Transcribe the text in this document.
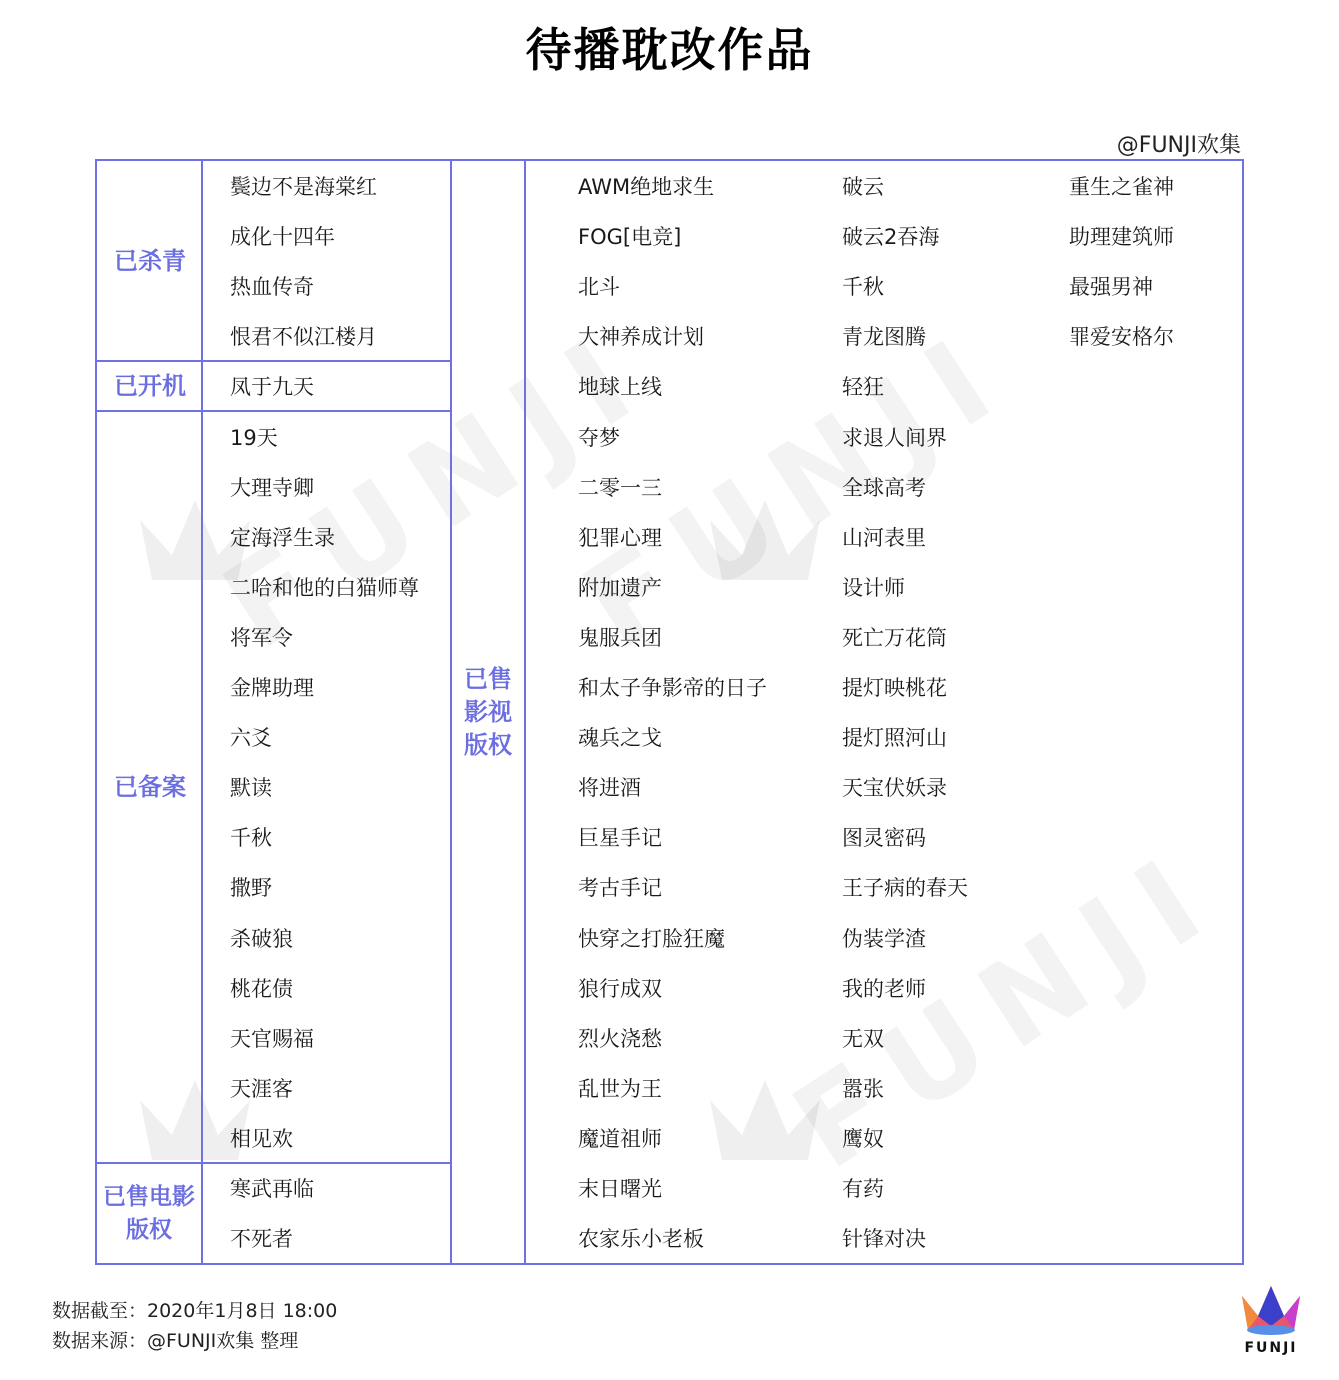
待播耽改作品
@FUNJI欢集
已杀青
已开机
已备案
已售电影版权
已售影视版权
鬓边不是海棠红
成化十四年
热血传奇
恨君不似江楼月
凤于九天
19天
大理寺卿
定海浮生录
二哈和他的白猫师尊
将军令
金牌助理
六爻
默读
千秋
撒野
杀破狼
桃花债
天官赐福
天涯客
相见欢
寒武再临
不死者
AWM绝地求生
FOG[电竞]
北斗
大神养成计划
地球上线
夺梦
二零一三
犯罪心理
附加遗产
鬼服兵团
和太子争影帝的日子
魂兵之戈
将进酒
巨星手记
考古手记
快穿之打脸狂魔
狼行成双
烈火浇愁
乱世为王
魔道祖师
末日曙光
农家乐小老板
破云
破云2吞海
千秋
青龙图腾
轻狂
求退人间界
全球高考
山河表里
设计师
死亡万花筒
提灯映桃花
提灯照河山
天宝伏妖录
图灵密码
王子病的春天
伪装学渣
我的老师
无双
嚣张
鹰奴
有药
针锋对决
重生之雀神
助理建筑师
最强男神
罪爱安格尔
数据截至：2020年1月8日 18:00
数据来源：@FUNJI欢集 整理	FUNJI
